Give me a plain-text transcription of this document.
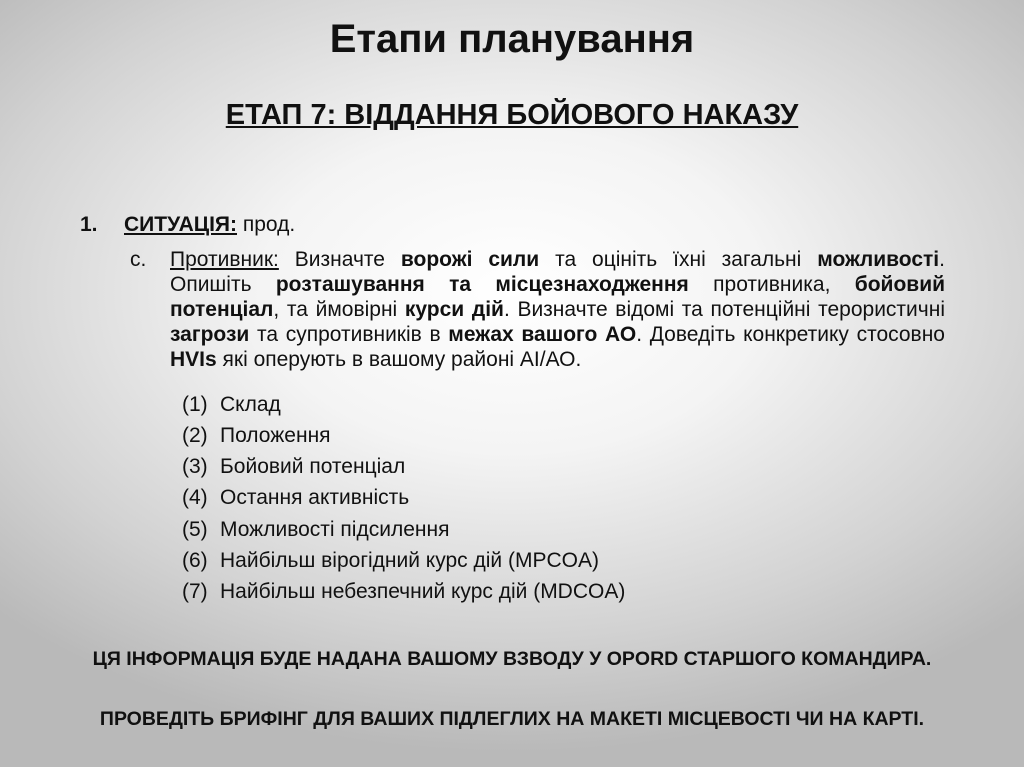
Етапи планування
ЕТАП 7: ВІДДАННЯ БОЙОВОГО НАКАЗУ
1. СИТУАЦІЯ: прод.
c. Противник: Визначте ворожі сили та оцініть їхні загальні можливості. Опишіть розташування та місцезнаходження противника, бойовий потенціал, та ймовірні курси дій. Визначте відомі та потенційні терористичні загрози та супротивників в межах вашого АО. Доведіть конкретику стосовно HVIs які оперують в вашому районі АІ/АО.
(1) Склад
(2) Положення
(3) Бойовий потенціал
(4) Остання активність
(5) Можливості підсилення
(6) Найбільш вірогідний курс дій (MPCOA)
(7) Найбільш небезпечний курс дій (MDCOA)
ЦЯ ІНФОРМАЦІЯ БУДЕ НАДАНА ВАШОМУ ВЗВОДУ У OPORD СТАРШОГО КОМАНДИРА.
ПРОВЕДІТЬ БРИФІНГ ДЛЯ ВАШИХ ПІДЛЕГЛИХ НА МАКЕТІ МІСЦЕВОСТІ ЧИ НА КАРТІ.
